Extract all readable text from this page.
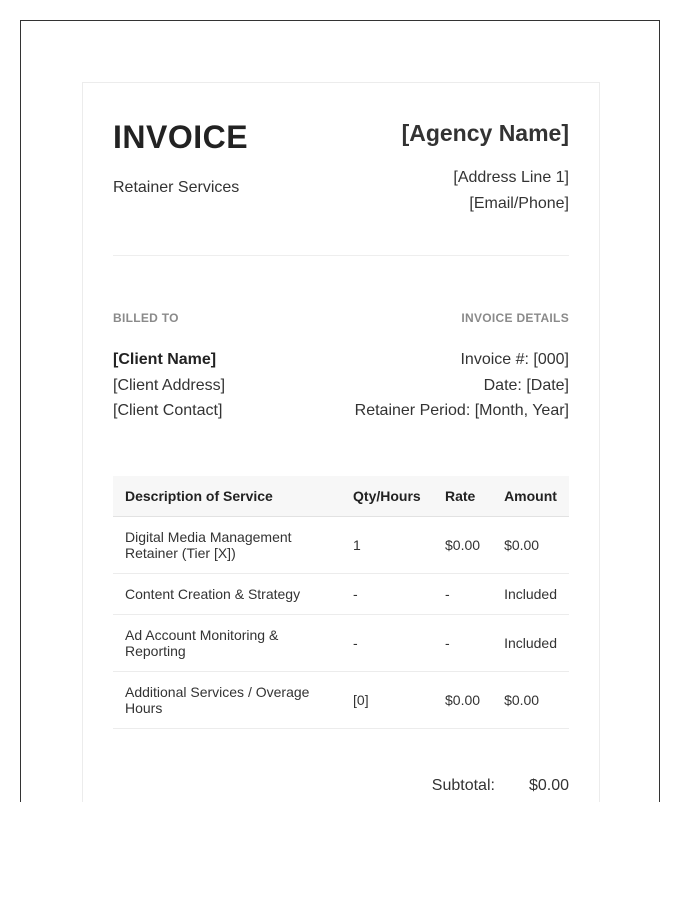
INVOICE
Retainer Services
[Agency Name]
[Address Line 1]
[Email/Phone]
BILLED TO	INVOICE DETAILS
[Client Name]
[Client Address]
[Client Contact]
Invoice #: [000]
Date: [Date]
Retainer Period: [Month, Year]
Description of Service	Qty/Hours	Rate	Amount
Digital Media Management Retainer (Tier [X])	1	$0.00	$0.00
Content Creation & Strategy	-	-	Included
Ad Account Monitoring & Reporting	-	-	Included
Additional Services / Overage Hours	[0]	$0.00	$0.00
Subtotal: $0.00
